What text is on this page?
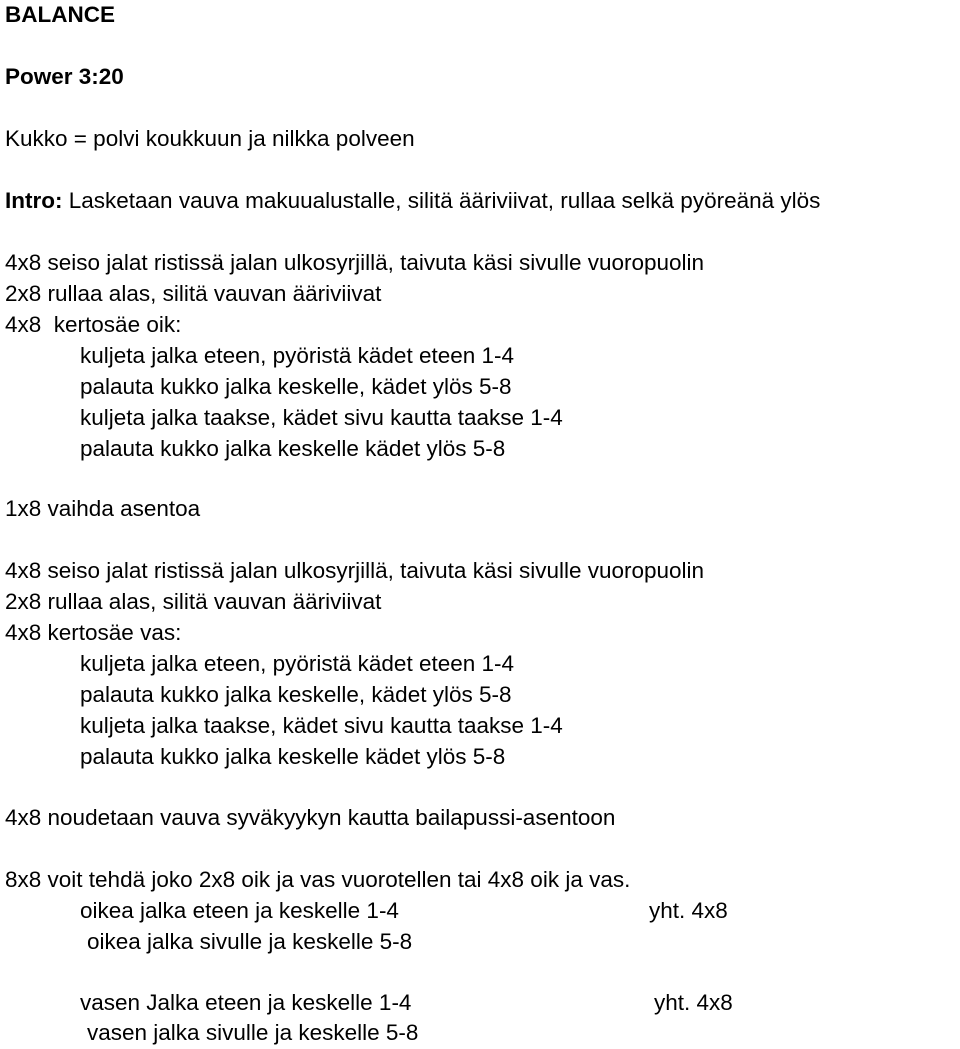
BALANCE

Power 3:20

Kukko = polvi koukkuun ja nilkka polveen

Intro: Lasketaan vauva makuualustalle, silitä ääriviivat, rullaa selkä pyöreänä ylös

4x8 seiso jalat ristissä jalan ulkosyrjillä, taivuta käsi sivulle vuoropuolin

2x8 rullaa alas, silitä vauvan ääriviivat

4x8  kertosäe oik:

kuljeta jalka eteen, pyöristä kädet eteen 1-4

palauta kukko jalka keskelle, kädet ylös 5-8

kuljeta jalka taakse, kädet sivu kautta taakse 1-4

palauta kukko jalka keskelle kädet ylös 5-8

1x8 vaihda asentoa

4x8 seiso jalat ristissä jalan ulkosyrjillä, taivuta käsi sivulle vuoropuolin

2x8 rullaa alas, silitä vauvan ääriviivat

4x8 kertosäe vas:

kuljeta jalka eteen, pyöristä kädet eteen 1-4

palauta kukko jalka keskelle, kädet ylös 5-8

kuljeta jalka taakse, kädet sivu kautta taakse 1-4

palauta kukko jalka keskelle kädet ylös 5-8

4x8 noudetaan vauva syväkyykyn kautta bailapussi-asentoon

8x8 voit tehdä joko 2x8 oik ja vas vuorotellen tai 4x8 oik ja vas.

oikea jalka eteen ja keskelle 1-4	yht. 4x8

oikea jalka sivulle ja keskelle 5-8

vasen Jalka eteen ja keskelle 1-4	yht. 4x8

vasen jalka sivulle ja keskelle 5-8
